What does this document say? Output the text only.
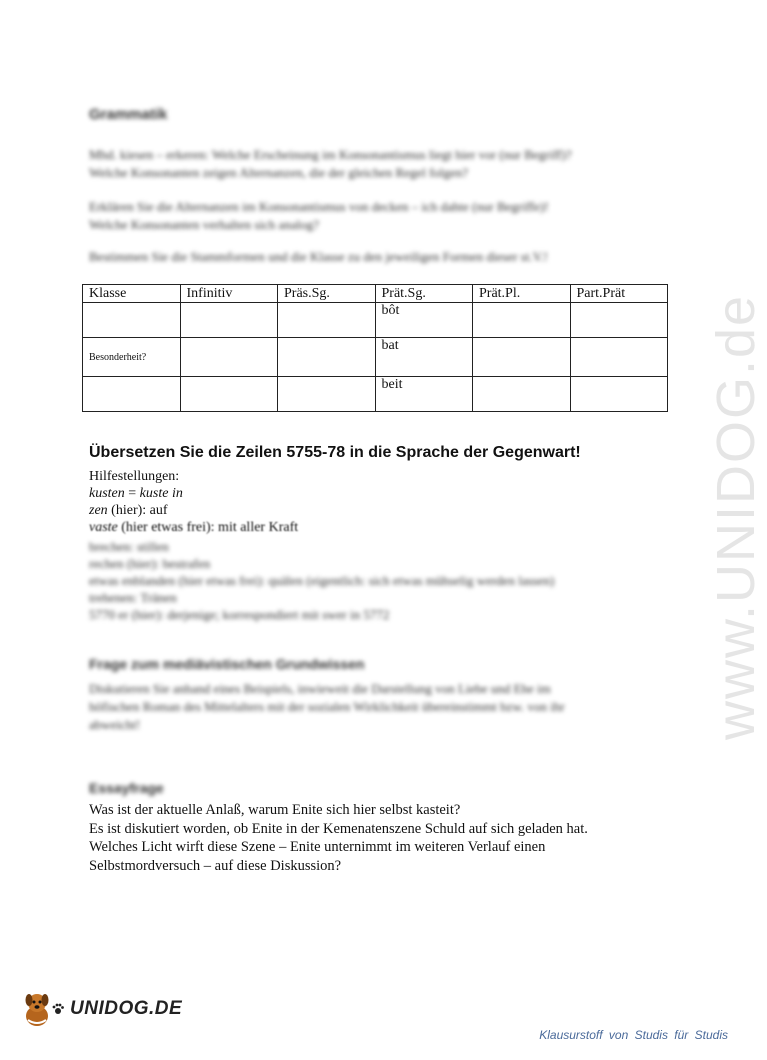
Grammatik
Mhd. kiesen – erkeren: Welche Erscheinung im Konsonantismus liegt hier vor (nur Begriff)?
Welche Konsonanten zeigen Alternanzen, die der gleichen Regel folgen?
Erklären Sie die Alternanzen im Konsonantismus von decken – ich dahte (nur Begriffe)!
Welche Konsonanten verhalten sich analog?
Bestimmen Sie die Stammformen und die Klasse zu den jeweiligen Formen dieser st.V.!
Klasse	Infinitiv	Präs.Sg.	Prät.Sg.	Prät.Pl.	Part.Prät
			bôt		
Besonderheit?			bat		
			beit		
Übersetzen Sie die Zeilen 5755-78 in die Sprache der Gegenwart!
Hilfestellungen:
kusten = kuste in
zen (hier): auf
vaste (hier etwas frei): mit aller Kraft
brechen: stillen
rechen (hier): bestrafen
etwas enblanden (hier etwas frei): quälen (eigentlich: sich etwas mühselig werden lassen)
trehenen: Tränen
5770 er (hier): derjenige; korrespondiert mit swer in 5772
Frage zum mediävistischen Grundwissen
Diskutieren Sie anhand eines Beispiels, inwieweit die Darstellung von Liebe und Ehe im
höfischen Roman des Mittelalters mit der sozialen Wirklichkeit übereinstimmt bzw. von ihr
abweicht!
Essayfrage
Was ist der aktuelle Anlaß, warum Enite sich hier selbst kasteit?
Es ist diskutiert worden, ob Enite in der Kemenatenszene Schuld auf sich geladen hat.
Welches Licht wirft diese Szene – Enite unternimmt im weiteren Verlauf einen
Selbstmordversuch – auf diese Diskussion?
www.UNIDOG.de
UNIDOG.DE
Klausurstoff von Studis für Studis
